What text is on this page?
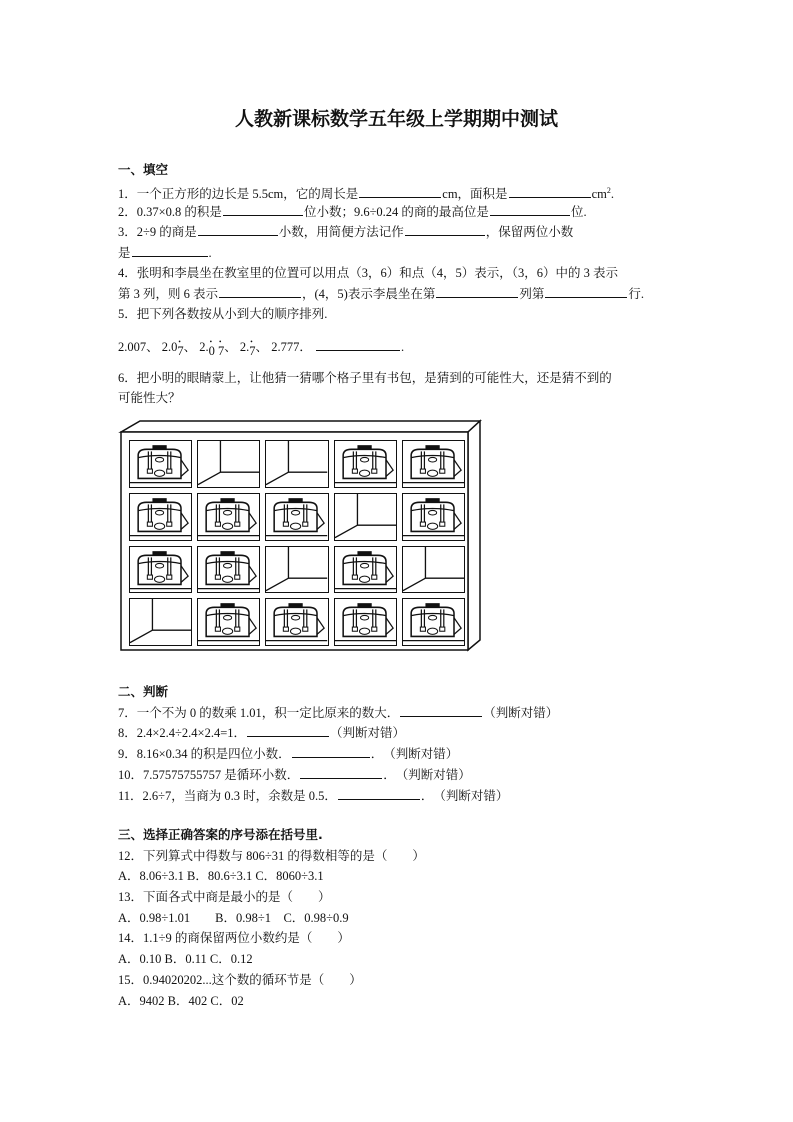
人教新课标数学五年级上学期期中测试
一、填空
1．一个正方形的边长是 5.5cm，它的周长是	cm，面积是	$cm^2$.
2．0.37×0.8 的积是	位小数；9.6÷0.24 的商的最高位是	位.
3．2÷9 的商是	小数，用简便方法记作	，保留两位小数
是	.
4．张明和李晨坐在教室里的位置可以用点（3，6）和点（4，5）表示，（3，6）中的 3 表示
第 3 列，则 6 表示	，(4，5)表示李晨坐在第	列第	行.
5．把下列各数按从小到大的顺序排列.
2.007、 2.0• 7、 2.• 0 • 7、 2.• 7、 2.777．	.
6．把小明的眼睛蒙上，让他猜一猜哪个格子里有书包，是猜到的可能性大，还是猜不到的
可能性大？
二、判断
7．一个不为 0 的数乘 1.01，积一定比原来的数大．	（判断对错）
8．2.4×2.4÷2.4×2.4=1．	（判断对错）
9．8.16×0.34 的积是四位小数．	．　（判断对错）
10．7.57575755757 是循环小数．	．　（判断对错）
11．2.6÷7，当商为 0.3 时，余数是 0.5．	．　（判断对错）
三、选择正确答案的序号添在括号里.
12．下列算式中得数与 806÷31 的得数相等的是（　　）
A．8.06÷3.1 B．80.6÷3.1 C．8060÷3.1
13．下面各式中商是最小的是（　　）
A．0.98÷1.01　　B．0.98÷1　C．0.98÷0.9
14．1.1÷9 的商保留两位小数约是（　　）
A．0.10 B．0.11 C．0.12
15．0.94020202...这个数的循环节是（　　）
A．9402 B．402 C．02
